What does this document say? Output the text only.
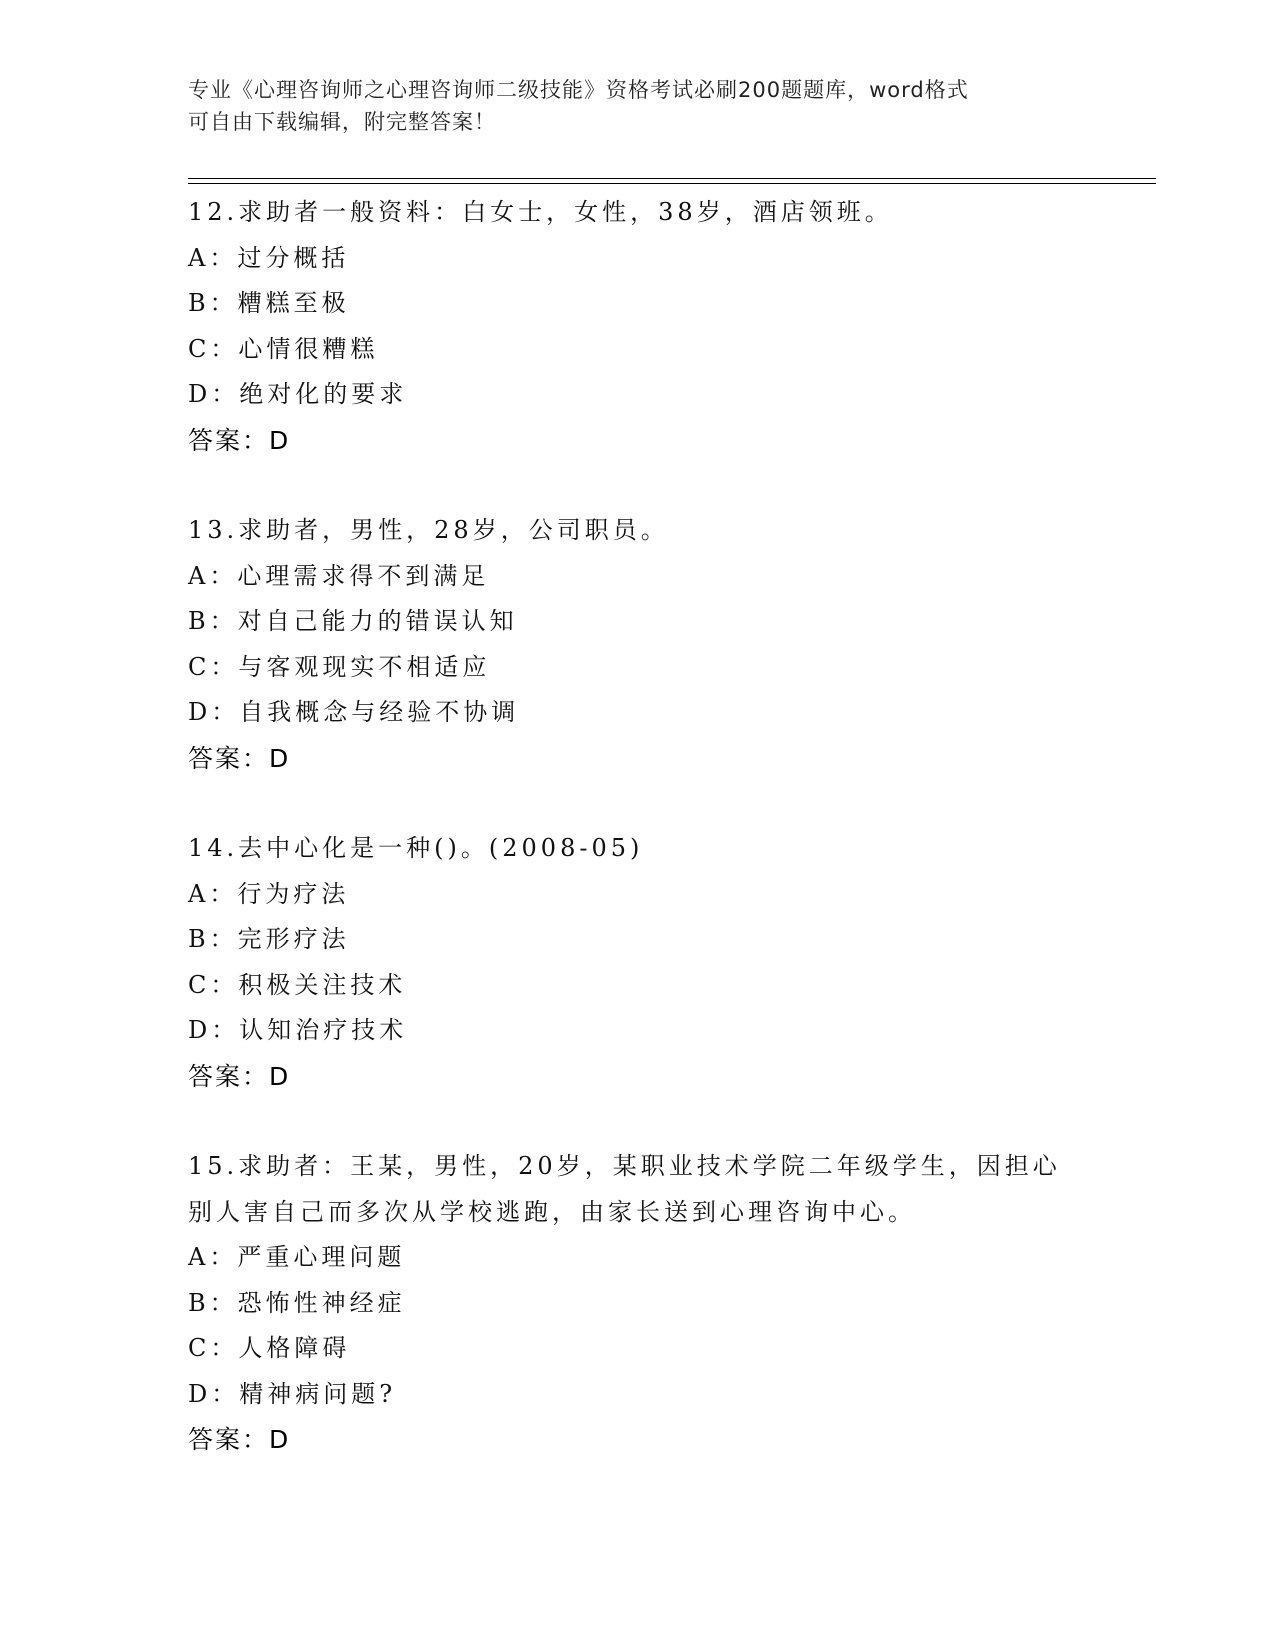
专业《心理咨询师之心理咨询师二级技能》资格考试必刷200题题库，word格式
可自由下载编辑，附完整答案！
12.求助者一般资料：白女士，女性，38岁，酒店领班。
A：过分概括
B：糟糕至极
C：心情很糟糕
D：绝对化的要求
答案：D
13.求助者，男性，28岁，公司职员。
A：心理需求得不到满足
B：对自己能力的错误认知
C：与客观现实不相适应
D：自我概念与经验不协调
答案：D
14.去中心化是一种()。(2008-05)
A：行为疗法
B：完形疗法
C：积极关注技术
D：认知治疗技术
答案：D
15.求助者：王某，男性，20岁，某职业技术学院二年级学生，因担心
别人害自己而多次从学校逃跑，由家长送到心理咨询中心。
A：严重心理问题
B：恐怖性神经症
C：人格障碍
D：精神病问题?
答案：D
